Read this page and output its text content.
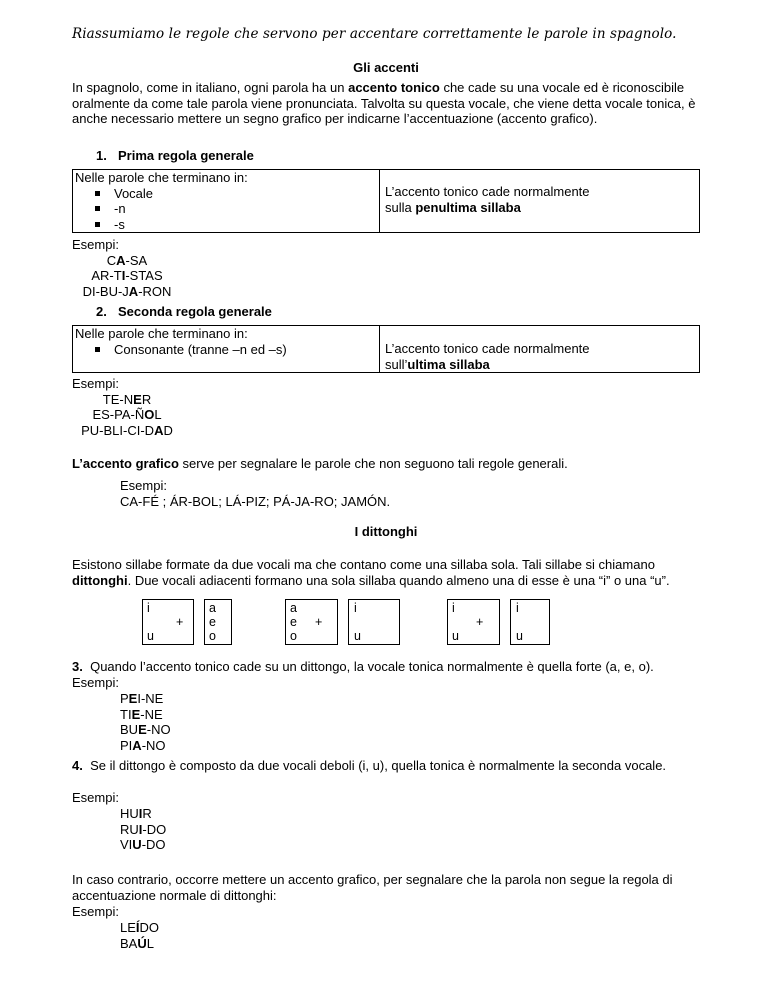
Riassumiamo le regole che servono per accentare correttamente le parole in spagnolo.
Gli accenti
In spagnolo, come in italiano, ogni parola ha un accento tonico che cade su una vocale ed è riconoscibile oralmente da come tale parola viene pronunciata. Talvolta su questa vocale, che viene detta vocale tonica, è anche necessario mettere un segno grafico per indicarne l’accentuazione (accento grafico).
1. Prima regola generale
Nelle parole che terminano in:
Vocale
-n
-s

L’accento tonico cade normalmente
sulla penultima sillaba
Esempi:
CA-SA
AR-TI-STAS
DI-BU-JA-RON
2. Seconda regola generale
Nelle parole che terminano in:
Consonante (tranne –n ed –s)	L’accento tonico cade normalmente
sull’ultima sillaba
Esempi:
TE-NER
ES-PA-ÑOL
PU-BLI-CI-DAD
L’accento grafico serve per segnalare le parole che non seguono tali regole generali.
Esempi:
CA-FÉ ; ÁR-BOL; LÁ-PIZ; PÁ-JA-RO; JAMÓN.
I dittonghi
Esistono sillabe formate da due vocali ma che contano come una sillaba sola. Tali sillabe si chiamano dittonghi. Due vocali adiacenti formano una sola sillaba quando almeno una di esse è una “i” o una “u”.
i
+
u
a
e
o
a
e
o
+
i
u
i
+
u
i
u
3. Quando l’accento tonico cade su un dittongo, la vocale tonica normalmente è quella forte (a, e, o).
Esempi:
PEI-NE
TIE-NE
BUE-NO
PIA-NO
4. Se il dittongo è composto da due vocali deboli (i, u), quella tonica è normalmente la seconda vocale.
Esempi:
HUIR
RUI-DO
VIU-DO
In caso contrario, occorre mettere un accento grafico, per segnalare che la parola non segue la regola di accentuazione normale di dittonghi:
Esempi:
LEÍDO
BAÚL
